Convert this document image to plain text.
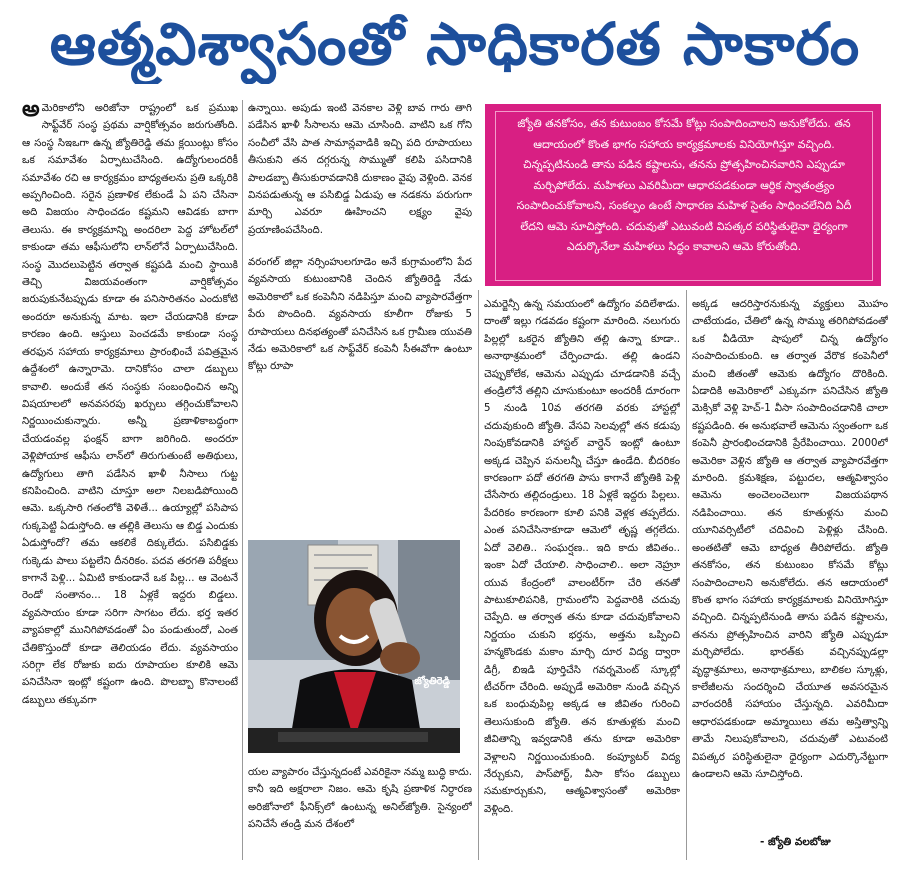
ఆత్మవిశ్వాసంతో సాధికారత సాకారం
అమెరికాలోని అరిజోనా రాష్ట్రంలో ఒక ప్రముఖ సాఫ్ట్‌వేర్ సంస్థ ప్రథమ వార్షికోత్సవం జరుగుతోంది. ఆ సంస్థ సిఇఒగా ఉన్న జ్యోతిరెడ్డి తమ క్లయింట్లు కోసం ఒక సమావేశం ఏర్పాటుచేసింది. ఉద్యోగులందరికీ సమావేశం రచి ఆ కార్యక్రమం బాధ్యతలను ప్రతి ఒక్కరికి అప్పగించింది. సరైన ప్రణాళిక లేకుండే ఏ పని చేసినా అది విజయం సాధించడం కష్టమని ఆవిడకు బాగా తెలుసు. ఈ కార్యక్రమాన్ని అందరిలా పెద్ద హోటల్‌లో కాకుండా తమ ఆఫీసులోని లాన్‌లోనే ఏర్పాటుచేసింది. సంస్థ మొదలుపెట్టిన తర్వాత కష్టపడి మంచి స్థాయికి తెచ్చి విజయవంతంగా వార్షికోత్సవం జరుపుకునేటప్పుడు కూడా ఈ పనిసారితనం ఎందుకోటి అందరూ అనుకున్న మాట. ఇలా చేయడానికి కూడా కారణం ఉంది. ఆస్తులు పెంచడమే కాకుండా సంస్థ తరఫున సహాయ కార్యక్రమాలు ప్రారంభించే పవిత్రమైన ఉద్దేశంలో ఉన్నారామె. దానికోసం చాలా డబ్బులు కావాలి. అందుకే తన సంస్థకు సంబంధించిన అన్ని విషయాలలో అనవసరపు ఖర్చులు తగ్గించుకోవాలని నిర్ణయించుకున్నారు. అన్నీ ప్రణాళికాబద్ధంగా చేయడంవల్ల ఫంక్షన్ బాగా జరిగింది. అందరూ వెళ్లిపోయాక ఆఫీసు లాన్‌లో తిరుగుతుంటే అతిథులు, ఉద్యోగులు తాగి పడేసిన ఖాళీ నీసాలు గుట్ట కనిపించింది. వాటిని చూస్తూ అలా నిలబడిపోయింది ఆమె. ఒక్కసారి గతంలోకి వెళితే... ఉయ్యాల్లో పసిపాప గుక్కపెట్టి ఏడుస్తోంది. ఆ తల్లికి తెలుసు ఆ బిడ్డ ఎందుకు ఏడుస్తోందో? తమ ఆకలికే దిక్కులేదు. పసిబిడ్డకు గుక్కెడు పాలు పట్టలేని దీనరికం. పదవ తరగతి పరీక్షలు కాగానే పెళ్లి... ఏమిటి కాకుండానే ఒక పిల్ల... ఆ వెంటనే రెండో సంతానం... 18 ఏళ్లకే ఇద్దరు బిడ్డలు. వ్యవసాయం కూడా సరిగా సాగటం లేదు. భర్త ఇతర వ్యాపకాల్లో మునిగిపోవడంతో ఏం పండుతుందో, ఎంత చేతికొస్తుందో కూడా తెలియడం లేదు. వ్యవసాయం సరిగ్గా లేక రోజుకు ఐదు రూపాయల కూలికి ఆమె పనిచేసినా ఇంట్లో కష్టంగా ఉంది. పొలబ్బా కొనాలంటే డబ్బులు తక్కువగా
ఉన్నాయి. అపుడు ఇంటి వెనకాల వెళ్లి బావ గారు తాగి పడేసిన ఖాళీ సీసాలను ఆమె చూసింది. వాటిని ఒక గోని సంచీలో వేసి పాత సామాన్లవాడికి ఇచ్చి పది రూపాయలు తీసుకుని తన దగ్గరున్న సొమ్ముతో కలిపి పసిదానికి పాలడబ్బా తీసుకురావడానికి దుకాణం వైపు వెళ్లింది. వెనక వినపడుతున్న ఆ పసిబిడ్డ ఏడుపు ఆ నడకను పరుగుగా మార్చి ఎవరూ ఊహించని లక్ష్యం వైపు ప్రయాణింపచేసింది.
వరంగల్ జిల్లా నర్సింహులగూడెం అనే కుగ్రామంలోని పేద వ్యవసాయ కుటుంబానికి చెందిన జ్యోతిరెడ్డి నేడు అమెరికాలో ఒక కంపెనీని నడిపిస్తూ మంచి వ్యాపారవేత్తగా పేరు పొందింది. వ్యవసాయ కూలీగా రోజుకు 5 రూపాయలు దినభత్యంతో పనిచేసిన ఒక గ్రామీణ యువతి నేడు అమెరికాలో ఒక సాఫ్ట్‌వేర్ కంపెనీ సీఈవోగా ఉంటూ కోట్లు రూపా
జ్యోతిరెడ్డి
యల వ్యాపారం చేస్తున్నదంటే ఎవరికైనా నమ్మ బుద్ధి కాదు. కానీ ఇది అక్షరాలా నిజం. ఆమె కృషి ప్రణాళిక నిర్ధారణ అరిజోనాలో ఫీనిక్స్‌లో ఉంటున్న అనిల్‌జ్యోతి. సైన్యంలో పనిచేసే తండ్రి మన దేశంలో

జ్యోతి తనకోసం, తన కుటుంబం కోసమే కోట్లు సంపాదించాలని అనుకోలేదు. తన ఆదాయంలో కొంత భాగం సహాయ కార్యక్రమాలకు వినియోగిస్తూ వచ్చింది. చిన్నప్పటినుండి తాను పడిన కష్టాలను, తనను ప్రోత్సహించినవారిని ఎప్పుడూ మర్చిపోలేదు. మహిళలు ఎవరిమీదా ఆధారపడకుండా ఆర్థిక స్వాతంత్ర్యం సంపాదించుకోవాలని, సంకల్పం ఉంటే సాధారణ మహిళ సైతం సాధించలేనిది ఏదీ లేదని ఆమె సూచిస్తోంది. చదువుతో ఎటువంటి విపత్కర పరిస్థితులైనా ధైర్యంగా ఎదుర్కొనేలా మహిళలు సిద్ధం కావాలని ఆమె కోరుతోంది.

ఎమర్జెన్సీ ఉన్న సమయంలో ఉద్యోగం వదిలేశాడు. దాంతో ఇల్లు గడవడం కష్టంగా మారింది. నలుగురు పిల్లల్లో ఒకరైన జ్యోతిని తల్లి ఉన్నా కూడా.. అనాథాశ్రమంలో చేర్పించాడు. తల్లి ఉండని చెప్పుకోలేక, ఆమెను ఎప్పుడు చూడడానికి వచ్చే తండ్రిలోనే తల్లిని చూసుకుంటూ అందరికీ దూరంగా 5 నుండి 10వ తరగతి వరకు హాస్టల్లో చదువుకుంది జ్యోతి. వేసవి సెలవుల్లో తన కడుపు నింపుకోవడానికి హాస్టల్ వార్డెన్ ఇంట్లో ఉంటూ అక్కడ చెప్పిన పనులన్నీ చేస్తూ ఉండేది. బీదరికం కారణంగా పదో తరగతి పాసు కాగానే జ్యోతికి పెళ్లి చేసేసారు తల్లిదండ్రులు. 18 ఏళ్లకే ఇద్దరు పిల్లలు. పేదరికం కారణంగా కూలి పనికి వెళ్లక తప్పలేదు. ఎంత పనిచేసినాకూడా ఆమెలో తృష్ణ తగ్గలేదు. ఏదో వెలితి.. సంఘర్షణ.. ఇది కాదు జీవితం.. ఇంకా ఏదో చేయాలి. సాధించాలి.. అలా నెహ్రూ యువ కేంద్రంలో వాలంటీర్‌గా చేరి తనతో పాటుకూలిపనికి, గ్రామంలోని పెద్దవారికి చదువు చెప్పేది. ఆ తర్వాత తను కూడా చదువుకోవాలని నిర్ణయం చుకుని భర్తను, అత్తను ఒప్పించి హన్మకొండకు మకాం మార్చి దూర విద్య ద్వారా డిగ్రీ, బిఇడి పూర్తిచేసి గవర్నమెంట్ స్కూల్లో టీచర్‌గా చేరింది. అప్పుడే అమెరికా నుండి వచ్చిన ఒక బంధువుపిల్ల అక్కడ ఆ జీవితం గురించి తెలుసుకుంది జ్యోతి. తన కూతుళ్లకు మంచి జీవితాన్ని ఇవ్వడానికి తను కూడా అమెరికా వెళ్లాలని నిర్ణయించుకుంది. కంప్యూటర్ విద్య నేర్చుకుని, పాస్‌పోర్ట్, వీసా కోసం డబ్బులు సమకూర్చుకుని, ఆత్మవిశ్వాసంతో అమెరికా వెళ్లింది.
అక్కడ ఆదరిస్తారనుకున్న వ్యక్తులు మొహం చాటేయడం, చేతిలో ఉన్న సొమ్ము తరిగిపోవడంతో ఒక వీడియో షాపులో చిన్న ఉద్యోగం సంపాదించుకుంది. ఆ తర్వాత వేరొక కంపెనీలో మంచి జీతంతో ఆమెకు ఉద్యోగం దొరికింది. ఏడాదికి అమెరికాలో ఎక్కువగా పనిచేసిన జ్యోతి మెక్సికో వెళ్లి హెచ్-1 వీసా సంపాదించడానికి చాలా కష్టపడింది. ఈ అనుభవాలే ఆమెను స్వంతంగా ఒక కంపెనీ ప్రారంభించడానికి ప్రేరేపించాయి. 2000లో అమెరికా వెళ్లిన జ్యోతి ఆ తర్వాత వ్యాపారవేత్తగా మారింది. క్రమశిక్షణ, పట్టుదల, ఆత్మవిశ్వాసం ఆమెను అంచెలంచెలుగా విజయపథాన నడిపించాయి. తన కూతుళ్లను మంచి యూనివర్సిటీలో చదివించి పెళ్లిళ్లు చేసింది. అంతటితో ఆమె బాధ్యత తీరిపోలేదు. జ్యోతి తనకోసం, తన కుటుంబం కోసమే కోట్లు సంపాదించాలని అనుకోలేదు. తన ఆదాయంలో కొంత భాగం సహాయ కార్యక్రమాలకు వినియోగిస్తూ వచ్చింది. చిన్నప్పటినుండి తాను పడిన కష్టాలను, తనను ప్రోత్సహించిన వారిని జ్యోతి ఎప్పుడూ మర్చిపోలేదు. భారత్‌కు వచ్చినప్పుడల్లా వృద్ధాశ్రమాలు, అనాథాశ్రమాలు, బాలికల స్కూళ్లు, కాలేజీలను సందర్శించి చేయూత అవసరమైన వారందరికీ సహాయం చేస్తున్నది. ఎవరిమీదా ఆధారపడకుండా అమ్మాయిలు తమ అస్తిత్వాన్ని తామే నిలుపుకోవాలని, చదువుతో ఎటువంటి విపత్కర పరిస్థితులైనా ధైర్యంగా ఎదుర్కొనేట్టుగా ఉండాలని ఆమె సూచిస్తోంది.
- జ్యోతి వలబోజు
